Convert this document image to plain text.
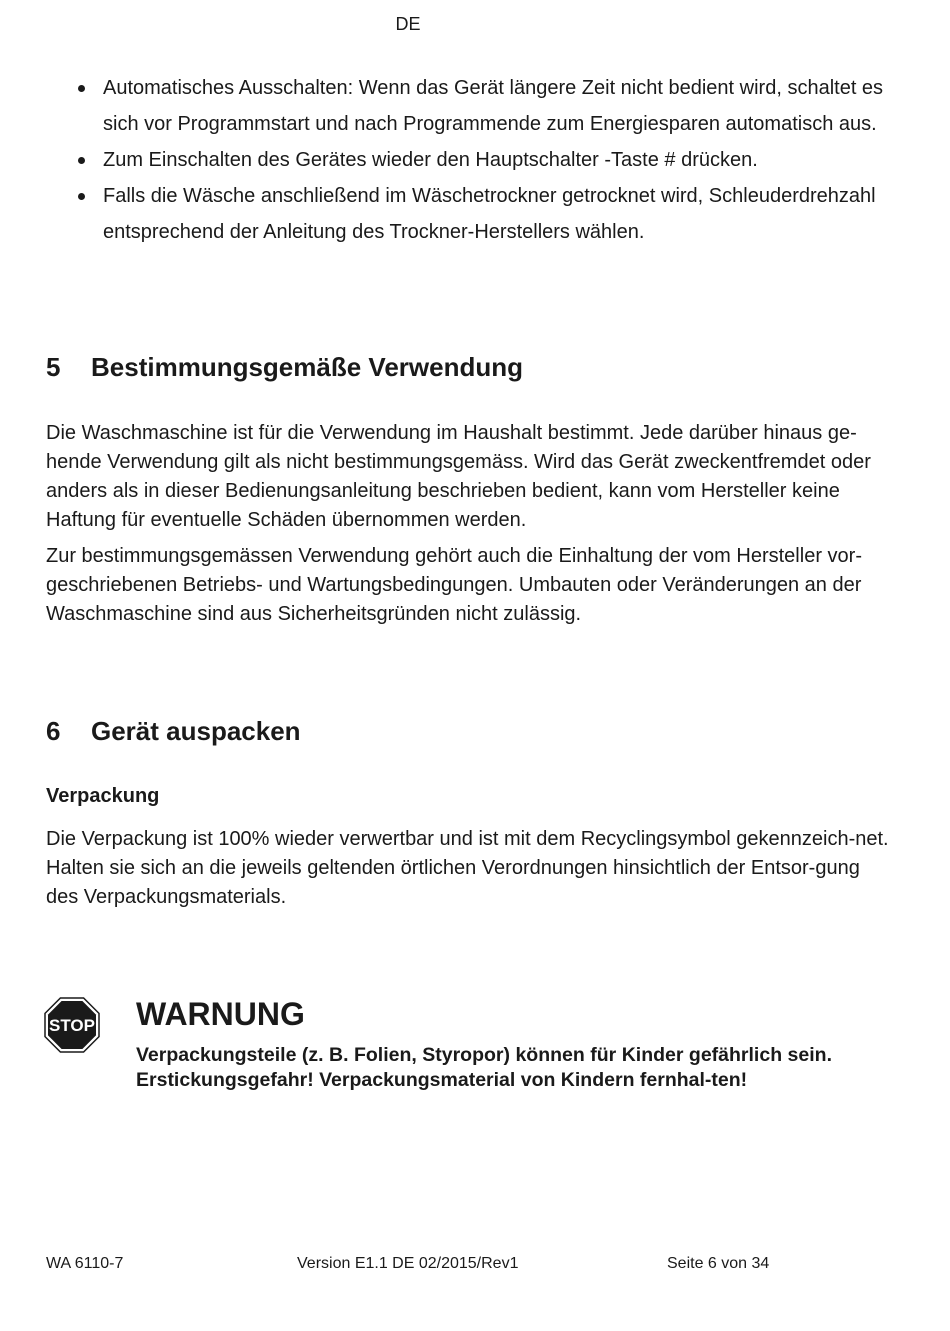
DE
Automatisches Ausschalten: Wenn das Gerät längere Zeit nicht bedient wird, schaltet es sich vor Programmstart und nach Programmende zum Energiesparen automatisch aus.
Zum Einschalten des Gerätes wieder den Hauptschalter -Taste # drücken.
Falls die Wäsche anschließend im Wäschetrockner getrocknet wird, Schleuderdrehzahl entsprechend der Anleitung des Trockner-Herstellers wählen.
5 Bestimmungsgemäße Verwendung
Die Waschmaschine ist für die Verwendung im Haushalt bestimmt. Jede darüber hinaus ge-hende Verwendung gilt als nicht bestimmungsgemäss. Wird das Gerät zweckentfremdet oder anders als in dieser Bedienungsanleitung beschrieben bedient, kann vom Hersteller keine Haftung für eventuelle Schäden übernommen werden.
Zur bestimmungsgemässen Verwendung gehört auch die Einhaltung der vom Hersteller vor-geschriebenen Betriebs- und Wartungsbedingungen. Umbauten oder Veränderungen an der Waschmaschine sind aus Sicherheitsgründen nicht zulässig.
6 Gerät auspacken
Verpackung
Die Verpackung ist 100% wieder verwertbar und ist mit dem Recyclingsymbol gekennzeich-net. Halten sie sich an die jeweils geltenden örtlichen Verordnungen hinsichtlich der Entsor-gung des Verpackungsmaterials.
STOP WARNUNG
Verpackungsteile (z. B. Folien, Styropor) können für Kinder gefährlich sein. Erstickungsgefahr! Verpackungsmaterial von Kindern fernhal-ten!
WA 6110-7	Version E1.1 DE 02/2015/Rev1	Seite 6 von 34
